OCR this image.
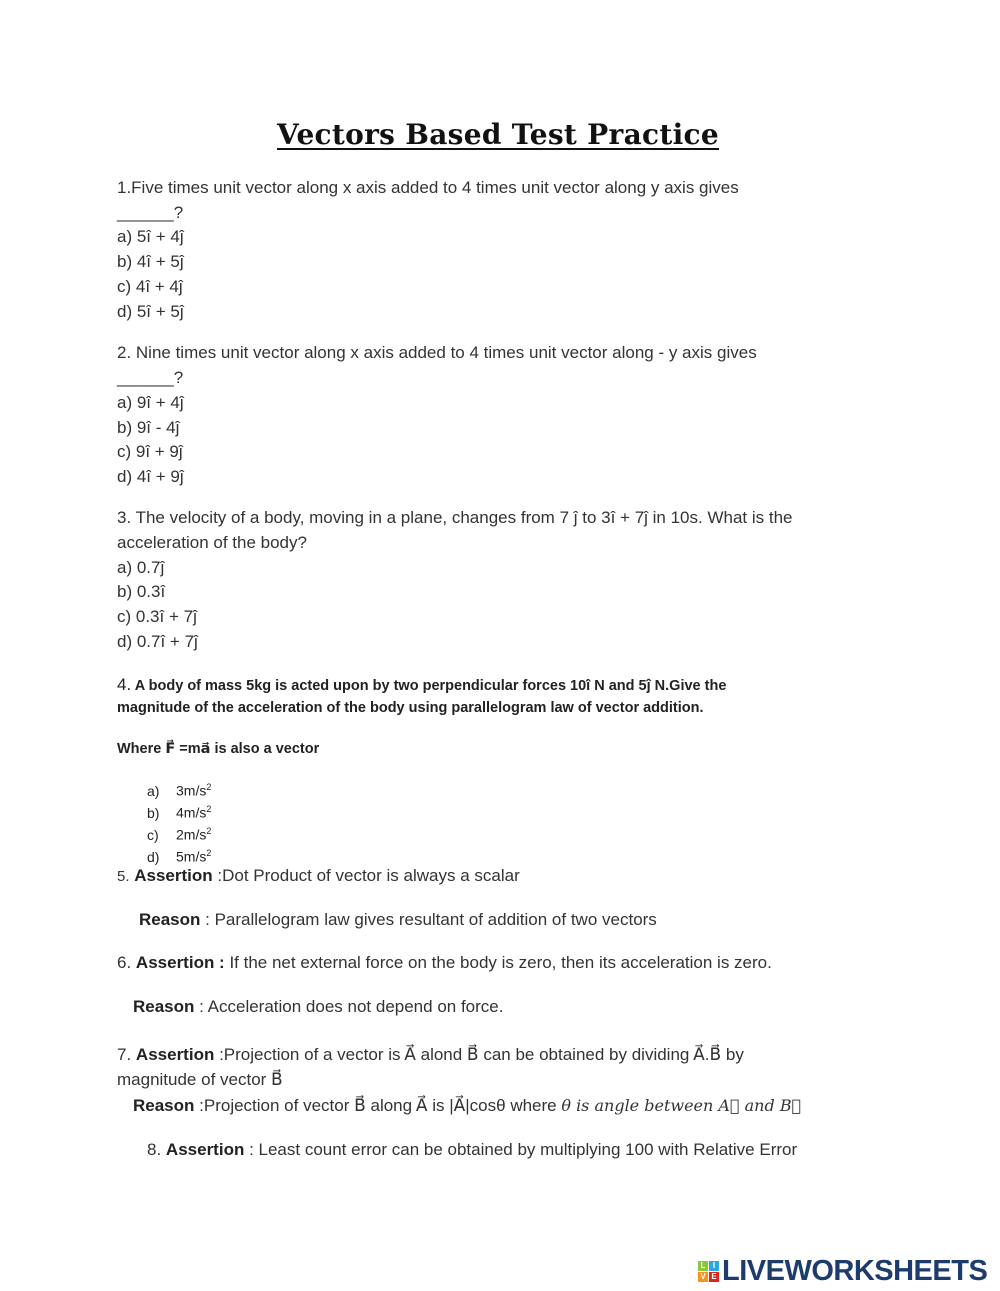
Vectors Based Test Practice
1.Five times unit vector along x axis added to 4 times unit vector along y axis gives
______?
a) 5î + 4ĵ
b) 4î + 5ĵ
c) 4î + 4ĵ
d) 5î + 5ĵ
2. Nine times unit vector along x axis added to 4 times unit vector along - y axis gives
______?
a) 9î + 4ĵ
b) 9î - 4ĵ
c) 9î + 9ĵ
d) 4î + 9ĵ
3. The velocity of a body, moving in a plane, changes from 7 ĵ to 3î + 7ĵ in 10s. What is the
acceleration of the body?
a) 0.7ĵ
b) 0.3î
c) 0.3î + 7ĵ
d) 0.7î + 7ĵ
4. A body of mass 5kg is acted upon by two perpendicular forces 10î N and 5ĵ N.Give the
magnitude of the acceleration of the body using parallelogram law of vector addition.
Where F⃗ =ma⃗ is also a vector
a) $3m/s^2$
b) $4m/s^2$
c) $2m/s^2$
d) $5m/s^2$
5. Assertion :Dot Product of vector is always a scalar
Reason : Parallelogram law gives resultant of addition of two vectors
6. Assertion : If the net external force on the body is zero, then its acceleration is zero.
Reason : Acceleration does not depend on force.
7. Assertion :Projection of a vector is A⃗ alond B⃗ can be obtained by dividing A⃗.B⃗ by
magnitude of vector B⃗
Reason :Projection of vector B⃗ along A⃗ is |A⃗|cosθ where θ is angle between A⃗ and B⃗
8. Assertion : Least count error can be obtained by multiplying 100 with Relative Error
L I
V E LIVEWORKSHEETS
